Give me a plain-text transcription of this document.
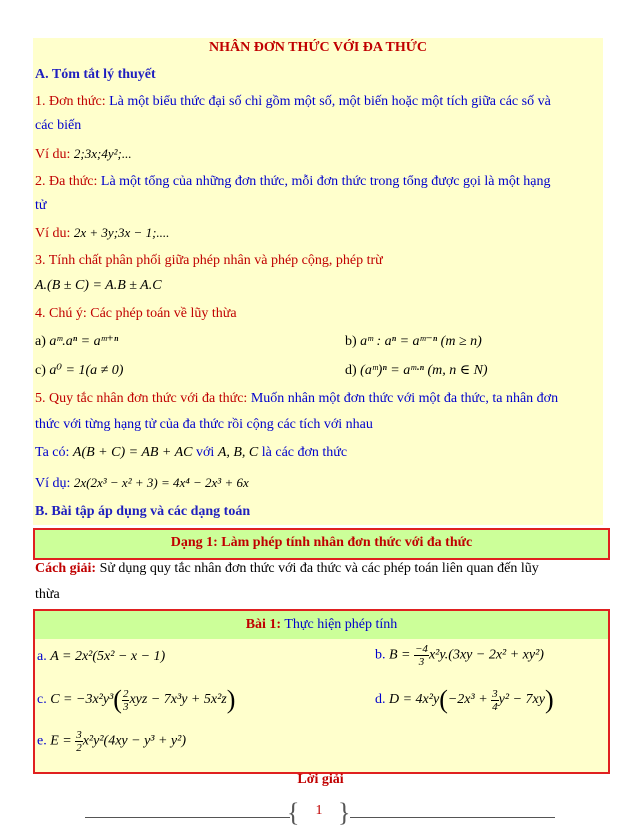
NHÂN ĐƠN THỨC VỚI ĐA THỨC
A. Tóm tắt lý thuyết
1. Đơn thức: Là một biểu thức đại số chỉ gồm một số, một biến hoặc một tích giữa các số và
các biến
Ví du: 2;3x;4y²;...
2. Đa thức: Là một tổng của những đơn thức, mỗi đơn thức trong tổng được gọi là một hạng
tử
Ví du: 2x + 3y;3x − 1;....
3. Tính chất phân phối giữa phép nhân và phép cộng, phép trừ
A.(B ± C) = A.B ± A.C
4. Chú ý: Các phép toán về lũy thừa
a) aᵐ.aⁿ = aᵐ⁺ⁿ	b) aᵐ : aⁿ = aᵐ⁻ⁿ (m ≥ n)
c) a⁰ = 1(a ≠ 0)	d) (aᵐ)ⁿ = aᵐ·ⁿ (m, n ∈ N)
5. Quy tắc nhân đơn thức với đa thức: Muốn nhân một đơn thức với một đa thức, ta nhân đơn
thức với từng hạng tử của đa thức rồi cộng các tích với nhau
Ta có: A(B + C) = AB + AC với A, B, C là các đơn thức
Ví dụ: 2x(2x³ − x² + 3) = 4x⁴ − 2x³ + 6x
B. Bài tập áp dụng và các dạng toán
Dạng 1: Làm phép tính nhân đơn thức với đa thức
Cách giải: Sử dụng quy tắc nhân đơn thức với đa thức và các phép toán liên quan đến lũy
thừa
Bài 1: Thực hiện phép tính
a. A = 2x²(5x² − x − 1)	b. $B = \frac{-4}{3} x^2y.(3xy - 2x^2 + xy^2)$
c. $C = -3x^2y^3( \frac{2}{3}$ xyz − 7x³y + 5x²z)	d. $D = 4x^2y(-2x^3 + \frac{3}{4} y^2 - 7xy)$
e. $E = \frac{3}{2} x^2y^2(4xy - y^3 + y^2)$
Lời giải
{ }
1
